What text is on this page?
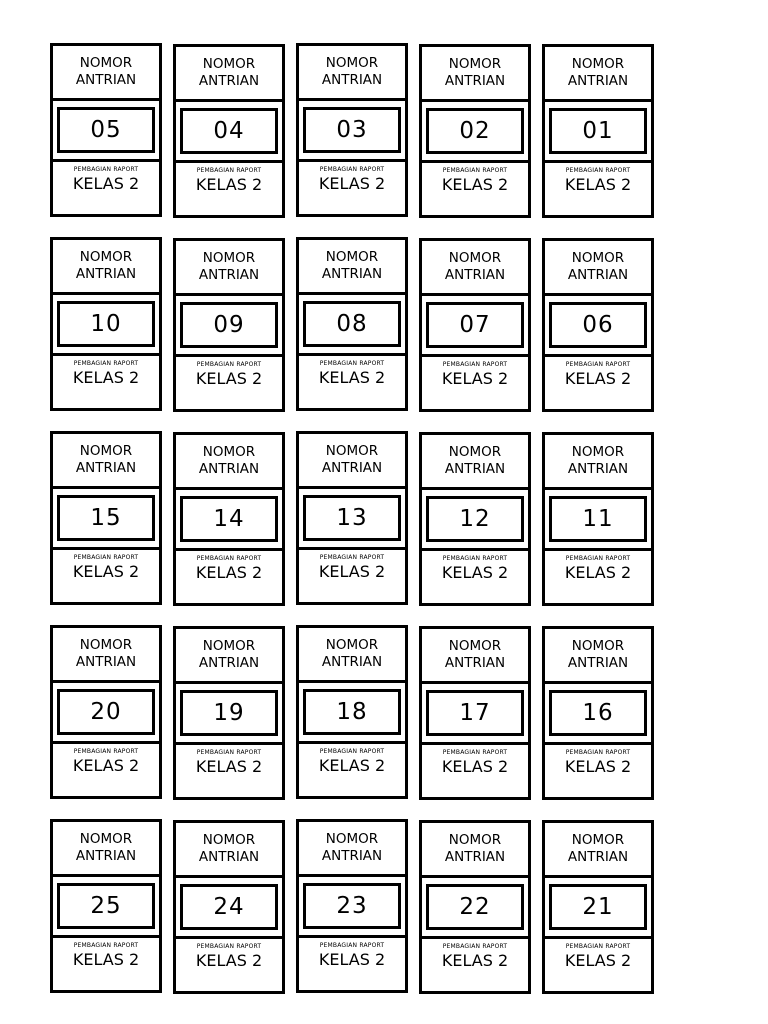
NOMOR
ANTRIAN
05
PEMBAGIAN RAPORT
KELAS 2
NOMOR
ANTRIAN
04
PEMBAGIAN RAPORT
KELAS 2
NOMOR
ANTRIAN
03
PEMBAGIAN RAPORT
KELAS 2
NOMOR
ANTRIAN
02
PEMBAGIAN RAPORT
KELAS 2
NOMOR
ANTRIAN
01
PEMBAGIAN RAPORT
KELAS 2
NOMOR
ANTRIAN
10
PEMBAGIAN RAPORT
KELAS 2
NOMOR
ANTRIAN
09
PEMBAGIAN RAPORT
KELAS 2
NOMOR
ANTRIAN
08
PEMBAGIAN RAPORT
KELAS 2
NOMOR
ANTRIAN
07
PEMBAGIAN RAPORT
KELAS 2
NOMOR
ANTRIAN
06
PEMBAGIAN RAPORT
KELAS 2
NOMOR
ANTRIAN
15
PEMBAGIAN RAPORT
KELAS 2
NOMOR
ANTRIAN
14
PEMBAGIAN RAPORT
KELAS 2
NOMOR
ANTRIAN
13
PEMBAGIAN RAPORT
KELAS 2
NOMOR
ANTRIAN
12
PEMBAGIAN RAPORT
KELAS 2
NOMOR
ANTRIAN
11
PEMBAGIAN RAPORT
KELAS 2
NOMOR
ANTRIAN
20
PEMBAGIAN RAPORT
KELAS 2
NOMOR
ANTRIAN
19
PEMBAGIAN RAPORT
KELAS 2
NOMOR
ANTRIAN
18
PEMBAGIAN RAPORT
KELAS 2
NOMOR
ANTRIAN
17
PEMBAGIAN RAPORT
KELAS 2
NOMOR
ANTRIAN
16
PEMBAGIAN RAPORT
KELAS 2
NOMOR
ANTRIAN
25
PEMBAGIAN RAPORT
KELAS 2
NOMOR
ANTRIAN
24
PEMBAGIAN RAPORT
KELAS 2
NOMOR
ANTRIAN
23
PEMBAGIAN RAPORT
KELAS 2
NOMOR
ANTRIAN
22
PEMBAGIAN RAPORT
KELAS 2
NOMOR
ANTRIAN
21
PEMBAGIAN RAPORT
KELAS 2
